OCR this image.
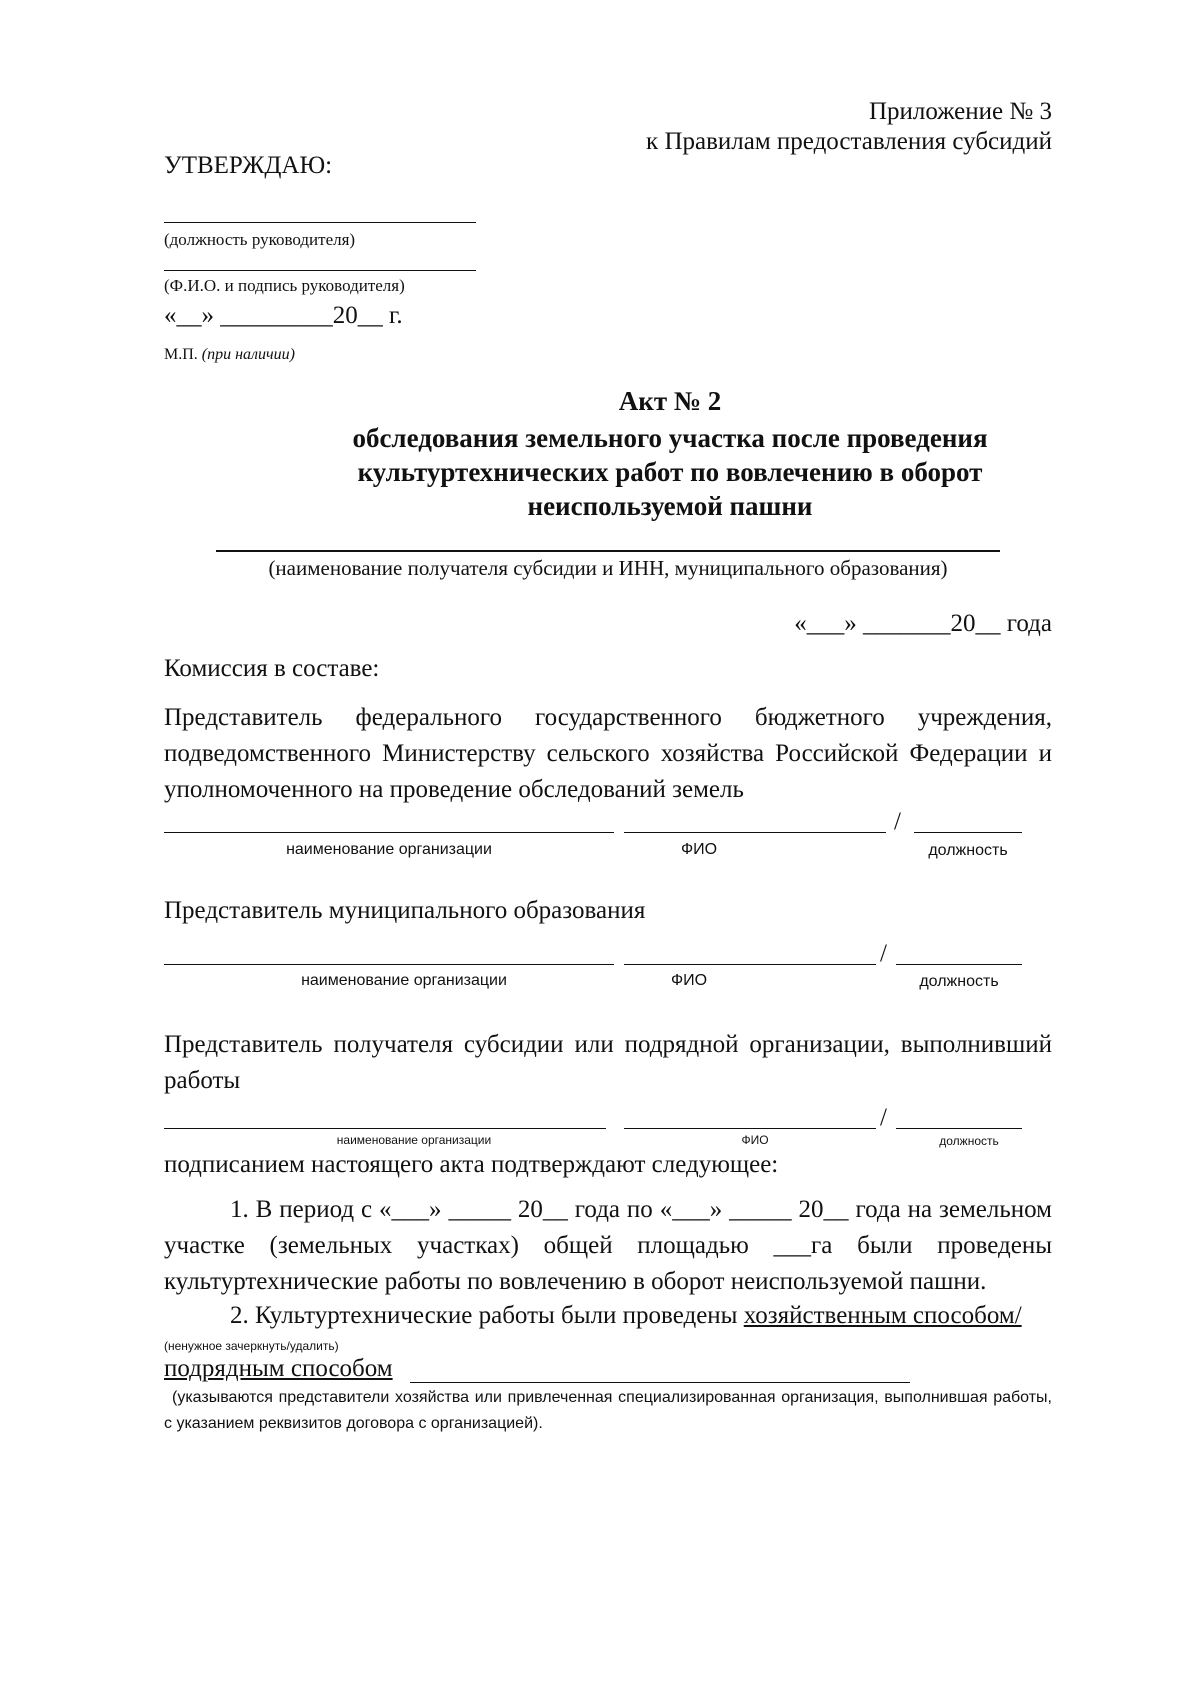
Приложение № 3
к Правилам предоставления субсидий
УТВЕРЖДАЮ:
(должность руководителя)
(Ф.И.О. и подпись руководителя)
«__» _________20__ г.
М.П. (при наличии)
Акт № 2
обследования земельного участка после проведения
культуртехнических работ по вовлечению в оборот
неиспользуемой пашни
(наименование получателя субсидии и ИНН, муниципального образования)
«___» _______20__ года
Комиссия в составе:
Представитель федерального государственного бюджетного учреждения, подведомственного Министерству сельского хозяйства Российской Федерации и уполномоченного на проведение обследований земель
/
наименование организации	ФИО	должность
Представитель муниципального образования
/
наименование организации	ФИО	должность
Представитель получателя субсидии или подрядной организации, выполнивший работы
/
наименование организации	ФИО	должность
подписанием настоящего акта подтверждают следующее:
1. В период с «___» _____ 20__ года по «___» _____ 20__ года на земельном участке (земельных участках) общей площадью ___га были проведены культуртехнические работы по вовлечению в оборот неиспользуемой пашни.
2. Культуртехнические работы были проведены хозяйственным способом/
(ненужное зачеркнуть/удалить)
подрядным способом
(указываются представители хозяйства или привлеченная специализированная организация, выполнившая работы, с указанием реквизитов договора с организацией).
